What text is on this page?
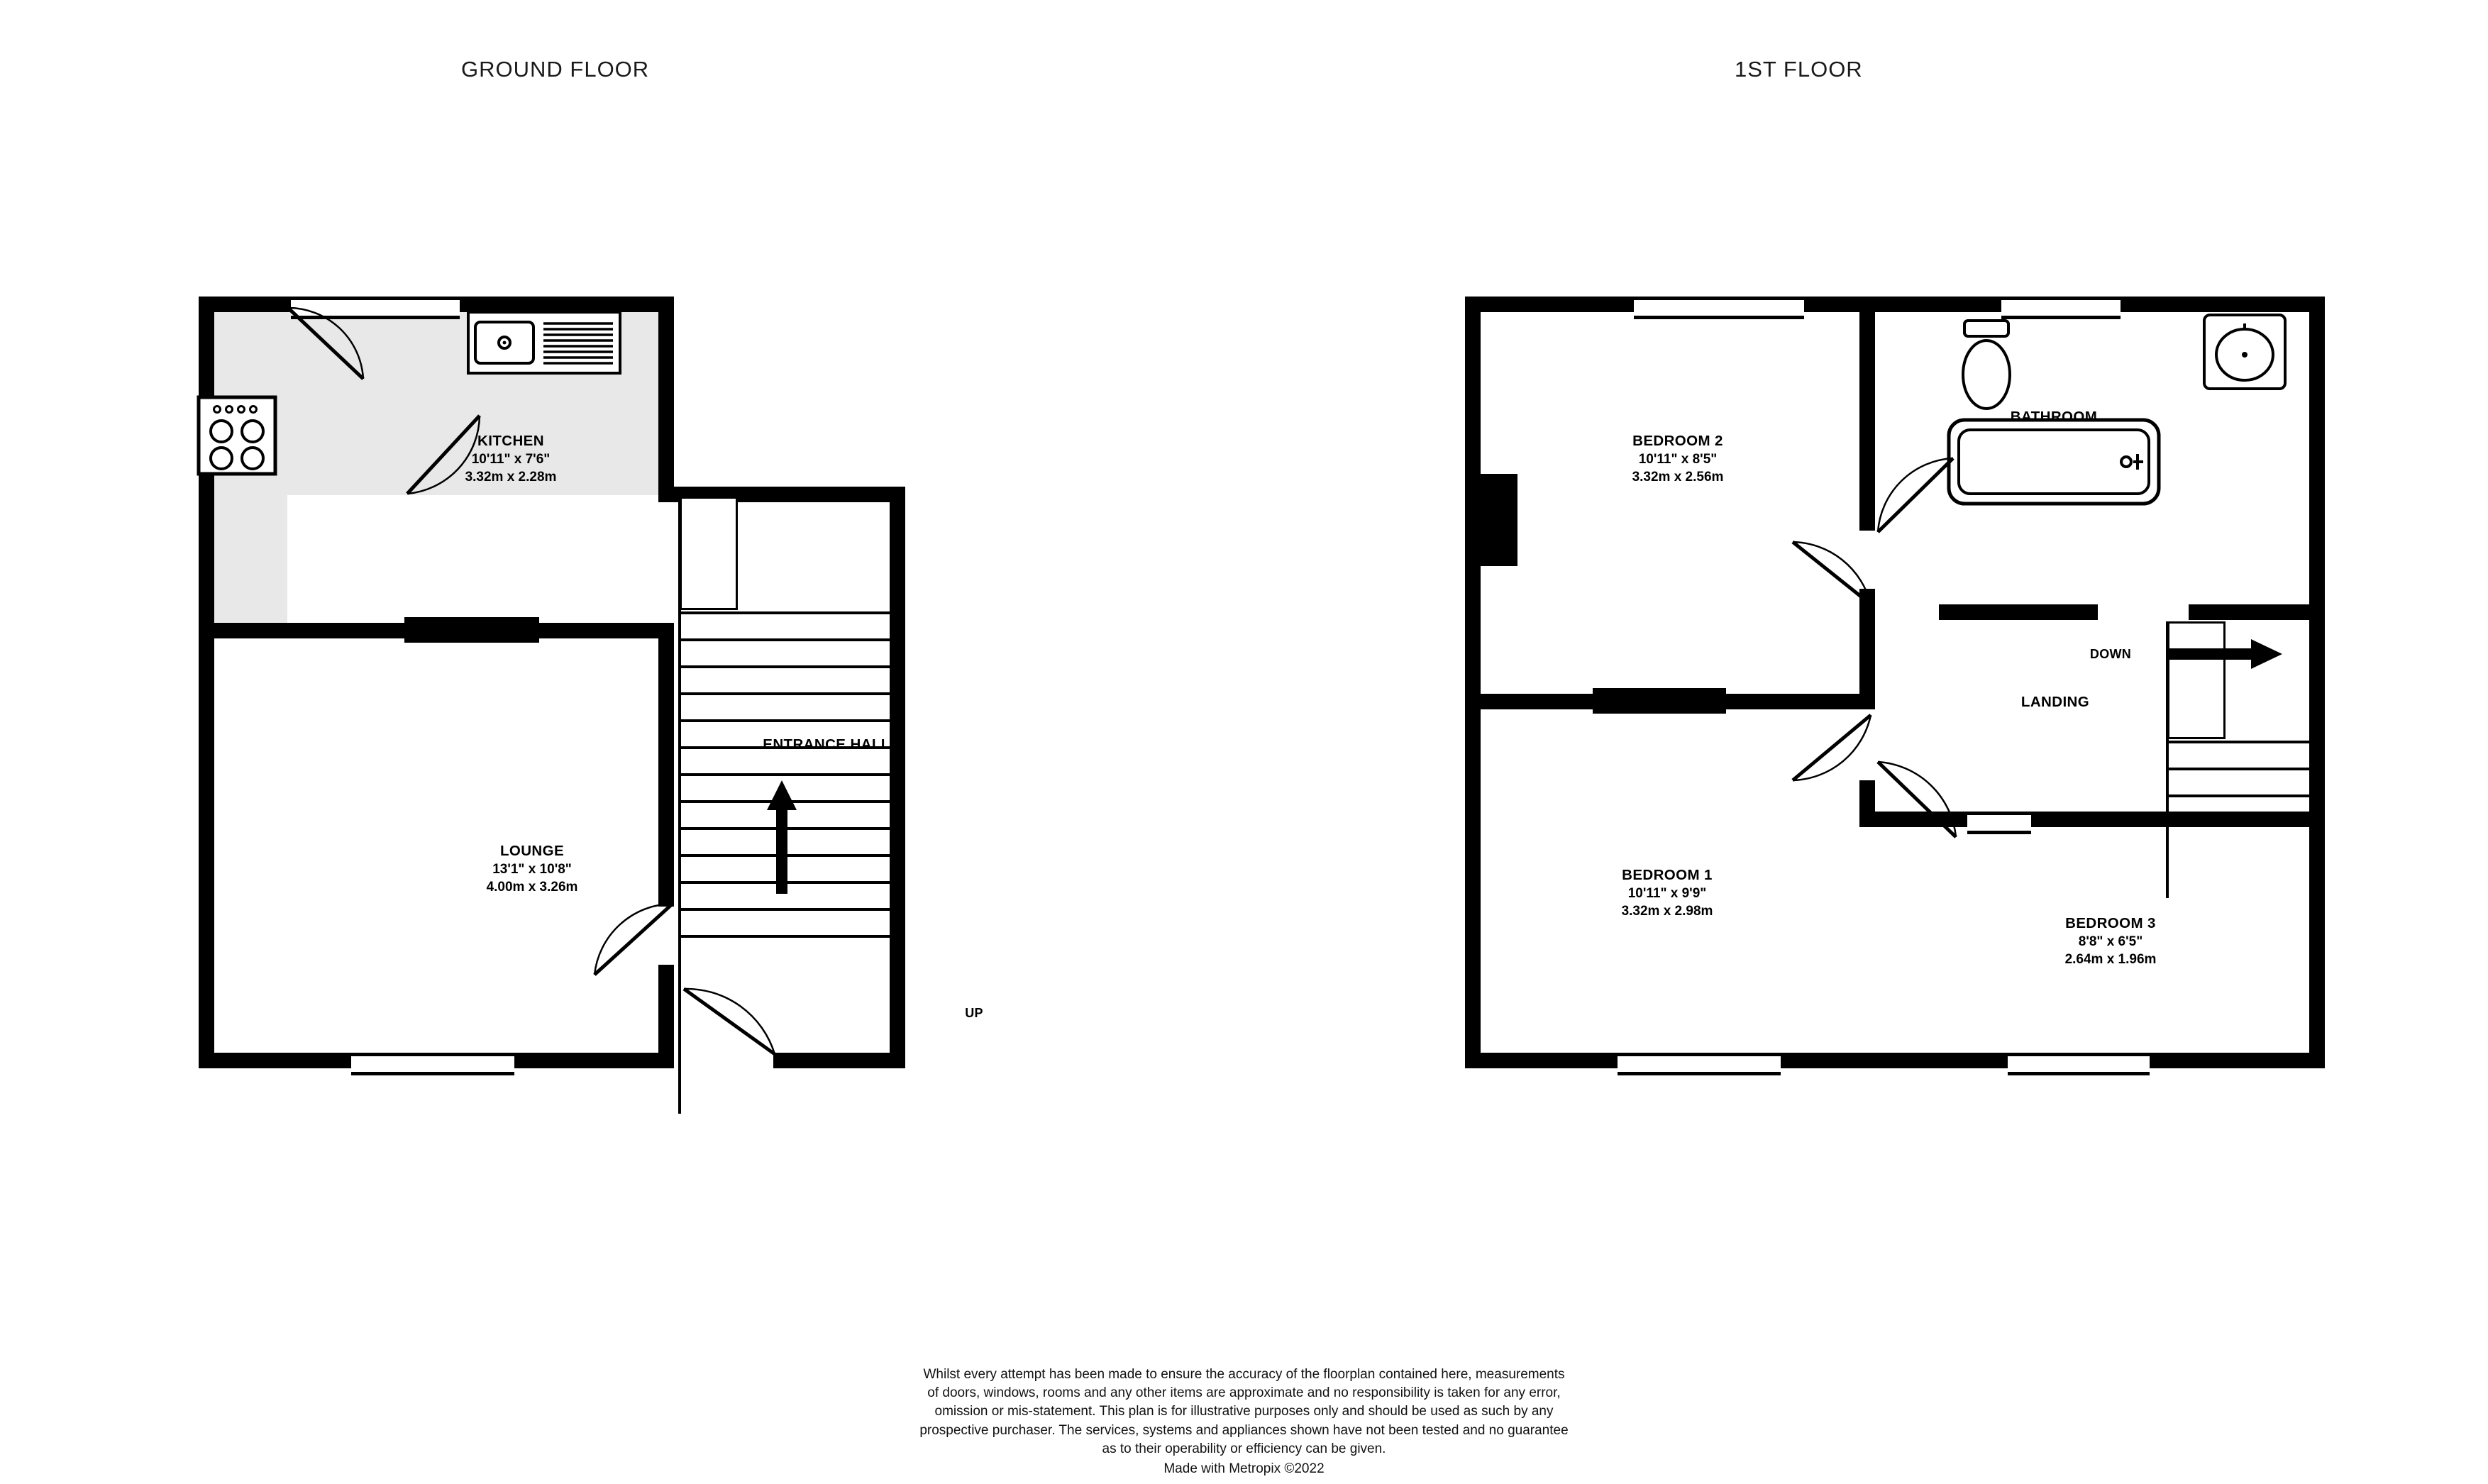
GROUND FLOOR	1ST FLOOR
KITCHEN
10'11" x 7'6"
3.32m x 2.28m
LOUNGE
13'1" x 10'8"
4.00m x 3.26m
ENTRANCE HALL
UP
BEDROOM 2
10'11" x 8'5"
3.32m x 2.56m
BEDROOM 1
10'11" x 9'9"
3.32m x 2.98m
BEDROOM 3
8'8" x 6'5"
2.64m x 1.96m
BATHROOM
LANDING
DOWN
Whilst every attempt has been made to ensure the accuracy of the floorplan contained here, measurements
of doors, windows, rooms and any other items are approximate and no responsibility is taken for any error,
omission or mis-statement. This plan is for illustrative purposes only and should be used as such by any
prospective purchaser. The services, systems and appliances shown have not been tested and no guarantee
as to their operability or efficiency can be given.
Made with Metropix ©2022
